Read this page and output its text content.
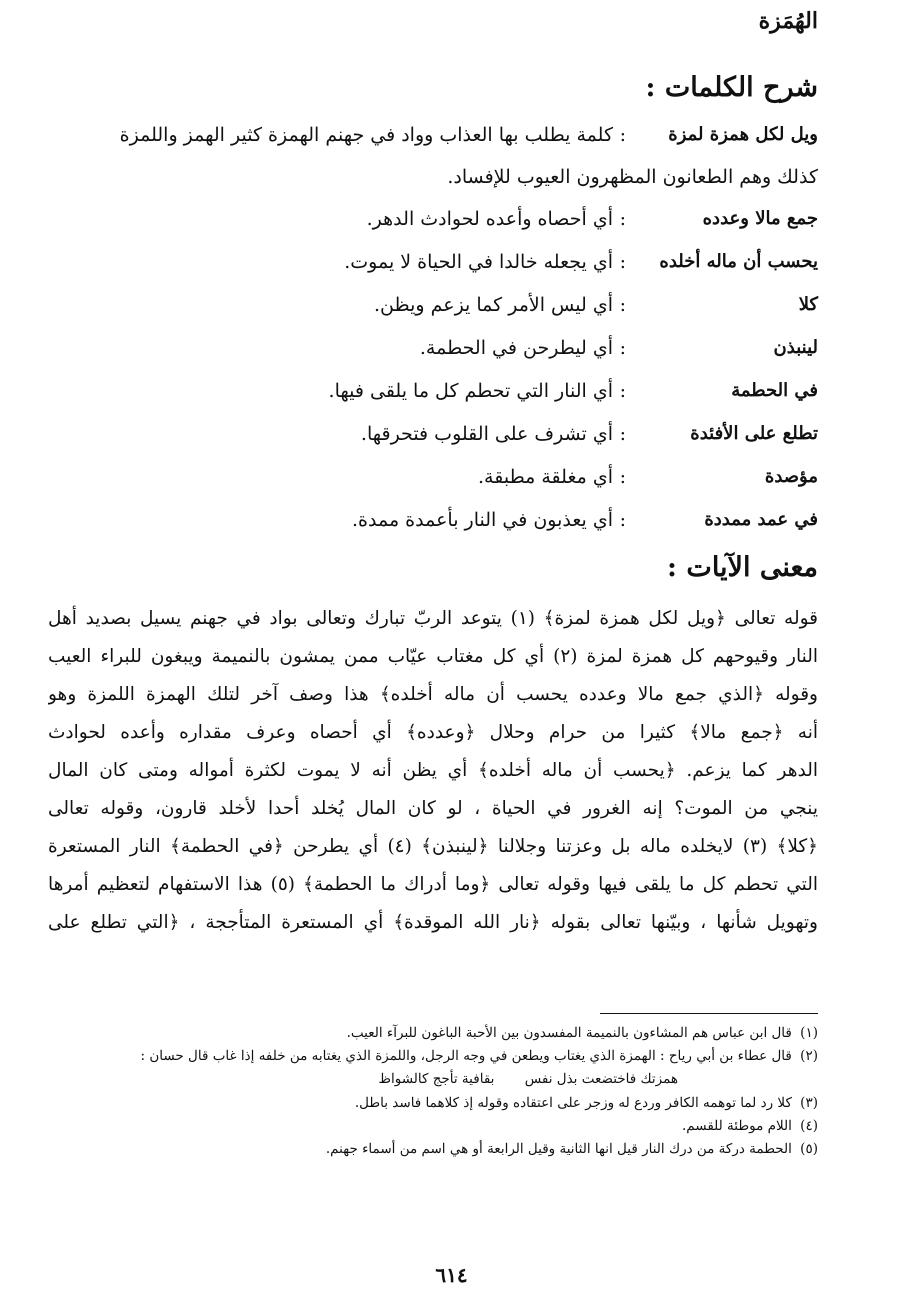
الهُمَزة
شرح الكلمات :
ويل لكل همزة لمزة
:
كلمة يطلب بها العذاب وواد في جهنم الهمزة كثير الهمز واللمزة
كذلك وهم الطعانون المظهرون العيوب للإفساد.
جمع مالا وعدده
:
أي أحصاه وأعده لحوادث الدهر.
يحسب أن ماله أخلده
:
أي يجعله خالدا في الحياة لا يموت.
كلا
:
أي ليس الأمر كما يزعم ويظن.
لينبذن
:
أي ليطرحن في الحطمة.
في الحطمة
:
أي النار التي تحطم كل ما يلقى فيها.
تطلع على الأفئدة
:
أي تشرف على القلوب فتحرقها.
مؤصدة
:
أي مغلقة مطبقة.
في عمد ممددة
:
أي يعذبون في النار بأعمدة ممدة.
معنى الآيات :
قوله تعالى ﴿ويل لكل همزة لمزة﴾ (١) يتوعد الربّ تبارك وتعالى بواد في جهنم يسيل بصديد أهل
النار وقيوحهم كل همزة لمزة (٢) أي كل مغتاب عيّاب ممن يمشون بالنميمة ويبغون للبراء العيب
وقوله ﴿الذي جمع مالا وعدده يحسب أن ماله أخلده﴾ هذا وصف آخر لتلك الهمزة اللمزة وهو
أنه ﴿جمع مالا﴾ كثيرا من حرام وحلال ﴿وعدده﴾ أي أحصاه وعرف مقداره وأعده لحوادث
الدهر كما يزعم. ﴿يحسب أن ماله أخلده﴾ أي يظن أنه لا يموت لكثرة أمواله ومتى كان المال
ينجي من الموت؟ إنه الغرور في الحياة ، لو كان المال يُخلد أحدا لأخلد قارون، وقوله تعالى
﴿كلا﴾ (٣) لايخلده ماله بل وعزتنا وجلالنا ﴿لينبذن﴾ (٤) أي يطرحن ﴿في الحطمة﴾ النار المستعرة
التي تحطم كل ما يلقى فيها وقوله تعالى ﴿وما أدراك ما الحطمة﴾ (٥) هذا الاستفهام لتعظيم أمرها
وتهويل شأنها ، وبيّنها تعالى بقوله ﴿نار الله الموقدة﴾ أي المستعرة المتأججة ، ﴿التي تطلع على
(١) قال ابن عباس هم المشاءون بالنميمة المفسدون بين الأحبة الباغون للبرآء العيب.
(٢) قال عطاء بن أبي رياح : الهمزة الذي يغتاب ويطعن في وجه الرجل، واللمزة الذي يغتابه من خلفه إذا غاب قال حسان :
همزتك فاختضعت بذل نفس بقافية تأجج كالشواظ
(٣) كلا رد لما توهمه الكافر وردع له وزجر على اعتقاده وقوله إذ كلاهما فاسد باطل.
(٤) اللام موطئة للقسم.
(٥) الحطمة دركة من درك النار قيل انها الثانية وقيل الرابعة أو هي اسم من أسماء جهنم.
٦١٤
